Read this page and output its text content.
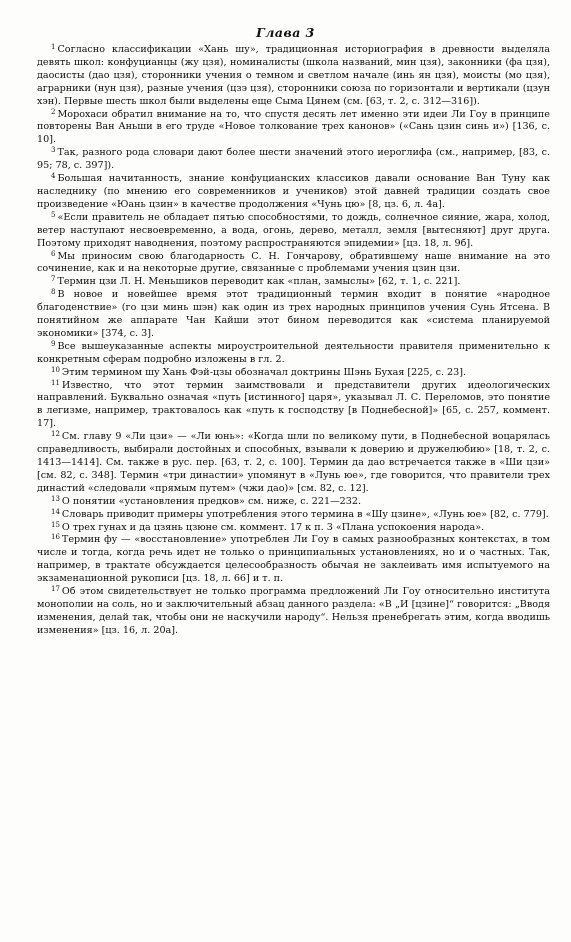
Глава 3

$^1$ Согласно классификации «Хань шу», традиционная историография в древности выделяла девять школ: конфуцианцы (жу цзя), номиналисты (школа названий, мин цзя), законники (фа цзя), даосисты (дао цзя), сторонники учения о темном и светлом начале (инь ян цзя), моисты (мо цзя), аграрники (нун цзя), разные учения (цзэ цзя), сторонники союза по горизонтали и вертикали (цзун хэн). Первые шесть школ были выделены еще Сыма Цянем (см. [63, т. 2, с. 312—316]).

$^2$ Морохаси обратил внимание на то, что спустя десять лет именно эти идеи Ли Гоу в принципе повторены Ван Аньши в его труде «Новое толкование трех канонов» («Сань цзин синь и») [136, с. 10].

$^3$ Так, разного рода словари дают более шести значений этого иероглифа (см., например, [83, с. 95; 78, с. 397]).

$^4$ Большая начитанность, знание конфуцианских классиков давали основание Ван Туну как наследнику (по мнению его современников и учеников) этой давней традиции создать свое произведение «Юань цзин» в качестве продолжения «Чунь цю» [8, цз. 6, л. 4а].

$^5$ «Если правитель не обладает пятью способностями, то дождь, солнечное сияние, жара, холод, ветер наступают несвоевременно, а вода, огонь, дерево, металл, земля [вытесняют] друг друга. Поэтому приходят наводнения, поэтому распространяются эпидемии» [цз. 18, л. 9б].

$^6$ Мы приносим свою благодарность С. Н. Гончарову, обратившему наше внимание на это сочинение, как и на некоторые другие, связанные с проблемами учения цзин цзи.

$^7$ Термин цзи Л. Н. Меньшиков переводит как «план, замыслы» [62, т. 1, с. 221].

$^8$ В новое и новейшее время этот традиционный термин входит в понятие «народное благоденствие» (го цзи минь шэн) как один из трех народных принципов учения Сунь Ятсена. В понятийном же аппарате Чан Кайши этот бином переводится как «система планируемой экономики» [374, с. 3].

$^9$ Все вышеуказанные аспекты мироустроительной деятельности правителя применительно к конкретным сферам подробно изложены в гл. 2.

$^{10}$ Этим термином шу Хань Фэй-цзы обозначал доктрины Шэнь Бухая [225, с. 23].

$^{11}$ Известно, что этот термин заимствовали и представители других идеологических направлений. Буквально означая «путь [истинного] царя», указывал Л. С. Переломов, это понятие в легизме, например, трактовалось как «путь к господству [в Поднебесной]» [65, с. 257, коммент. 17].

$^{12}$ См. главу 9 «Ли цзи» — «Ли юнь»: «Когда шли по великому пути, в Поднебесной воцарялась справедливость, выбирали достойных и способных, взывали к доверию и дружелюбию» [18, т. 2, с. 1413—1414]. См. также в рус. пер. [63, т. 2, с. 100]. Термин да дао встречается также в «Ши цзи» [см. 82, с. 348]. Термин «три династии» упомянут в «Лунь юе», где говорится, что правители трех династий «следовали «прямым путем» (чжи дао)» [см. 82, с. 12].

$^{13}$ О понятии «установления предков» см. ниже, с. 221—232.

$^{14}$ Словарь приводит примеры употребления этого термина в «Шу цзине», «Лунь юе» [82, с. 779].

$^{15}$ О трех гунах и да цзянь цзюне см. коммент. 17 к п. 3 «Плана успокоения народа».

$^{16}$ Термин фу — «восстановление» употреблен Ли Гоу в самых разнообразных контекстах, в том числе и тогда, когда речь идет не только о принципиальных установлениях, но и о частных. Так, например, в трактате обсуждается целесообразность обычая не заклеивать имя испытуемого на экзаменационной рукописи [цз. 18, л. 66] и т. п.

$^{17}$ Об этом свидетельствует не только программа предложений Ли Гоу относительно института монополии на соль, но и заключительный абзац данного раздела: «В „И [цзине]“ говорится: „Вводя изменения, делай так, чтобы они не наскучили народу“. Нельзя пренебрегать этим, когда вводишь изменения» [цз. 16, л. 20а].
